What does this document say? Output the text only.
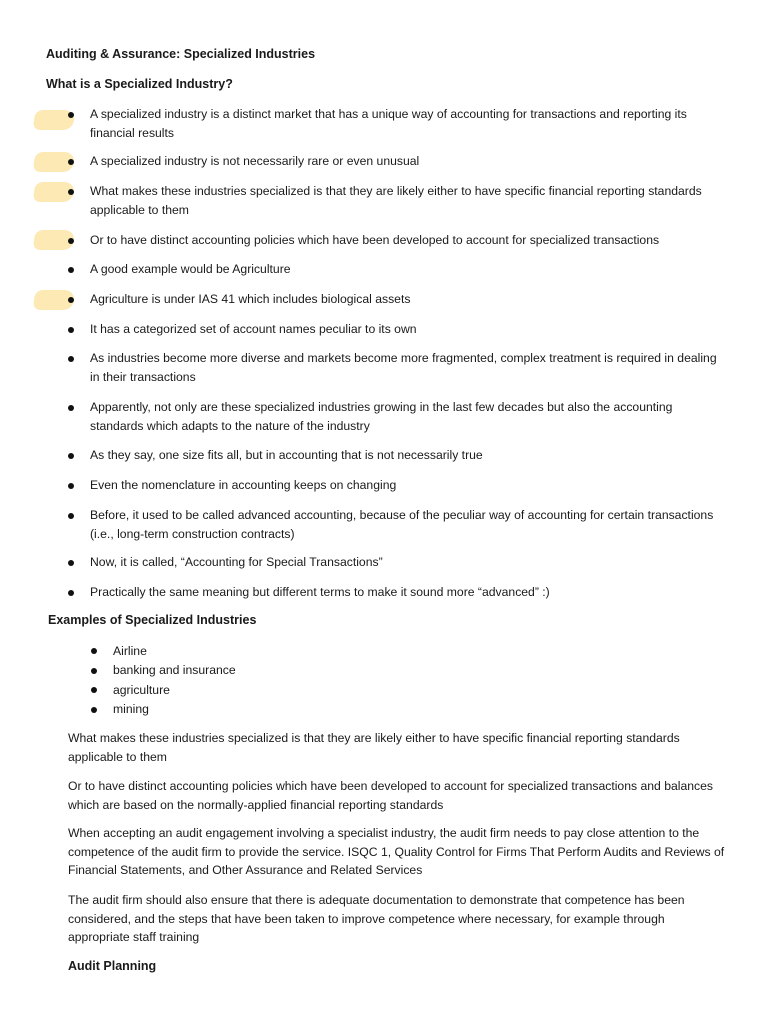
Auditing & Assurance: Specialized Industries
What is a Specialized Industry?
A specialized industry is a distinct market that has a unique way of accounting for transactions and reporting its financial results
A specialized industry is not necessarily rare or even unusual
What makes these industries specialized is that they are likely either to have specific financial reporting standards applicable to them
Or to have distinct accounting policies which have been developed to account for specialized transactions
A good example would be Agriculture
Agriculture is under IAS 41 which includes biological assets
It has a categorized set of account names peculiar to its own
As industries become more diverse and markets become more fragmented, complex treatment is required in dealing in their transactions
Apparently, not only are these specialized industries growing in the last few decades but also the accounting standards which adapts to the nature of the industry
As they say, one size fits all, but in accounting that is not necessarily true
Even the nomenclature in accounting keeps on changing
Before, it used to be called advanced accounting, because of the peculiar way of accounting for certain transactions (i.e., long-term construction contracts)
Now, it is called, “Accounting for Special Transactions”
Practically the same meaning but different terms to make it sound more “advanced” :)
Examples of Specialized Industries
Airline
banking and insurance
agriculture
mining
What makes these industries specialized is that they are likely either to have specific financial reporting standards applicable to them
Or to have distinct accounting policies which have been developed to account for specialized transactions and balances which are based on the normally-applied financial reporting standards
When accepting an audit engagement involving a specialist industry, the audit firm needs to pay close attention to the competence of the audit firm to provide the service. ISQC 1, Quality Control for Firms That Perform Audits and Reviews of Financial Statements, and Other Assurance and Related Services
The audit firm should also ensure that there is adequate documentation to demonstrate that competence has been considered, and the steps that have been taken to improve competence where necessary, for example through appropriate staff training
Audit Planning
